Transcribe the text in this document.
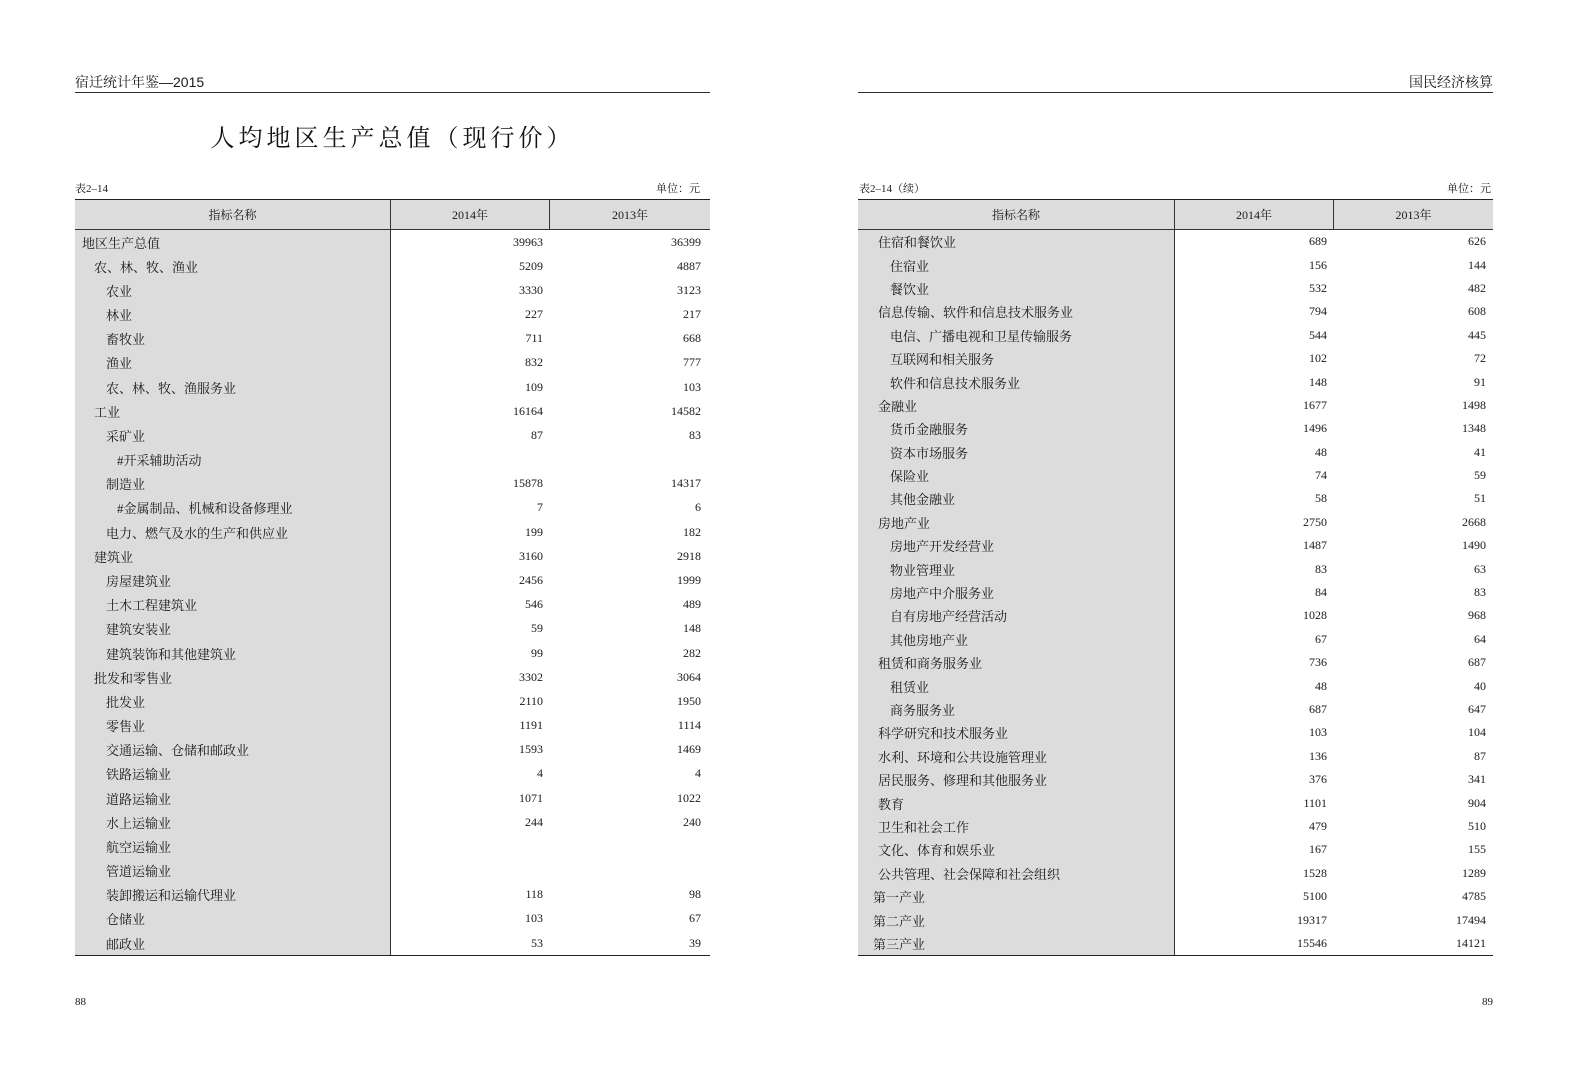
宿迁统计年鉴—2015
人均地区生产总值（现行价）
表2–14	单位：元
指标名称	2014年	2013年
地区生产总值	39963	36399
农、林、牧、渔业	5209	4887
农业	3330	3123
林业	227	217
畜牧业	711	668
渔业	832	777
农、林、牧、渔服务业	109	103
工业	16164	14582
采矿业	87	83
#开采辅助活动
制造业	15878	14317
#金属制品、机械和设备修理业	7	6
电力、燃气及水的生产和供应业	199	182
建筑业	3160	2918
房屋建筑业	2456	1999
土木工程建筑业	546	489
建筑安装业	59	148
建筑装饰和其他建筑业	99	282
批发和零售业	3302	3064
批发业	2110	1950
零售业	1191	1114
交通运输、仓储和邮政业	1593	1469
铁路运输业	4	4
道路运输业	1071	1022
水上运输业	244	240
航空运输业
管道运输业
装卸搬运和运输代理业	118	98
仓储业	103	67
邮政业	53	39
88
国民经济核算
表2–14（续）	单位：元
指标名称	2014年	2013年
住宿和餐饮业	689	626
住宿业	156	144
餐饮业	532	482
信息传输、软件和信息技术服务业	794	608
电信、广播电视和卫星传输服务	544	445
互联网和相关服务	102	72
软件和信息技术服务业	148	91
金融业	1677	1498
货币金融服务	1496	1348
资本市场服务	48	41
保险业	74	59
其他金融业	58	51
房地产业	2750	2668
房地产开发经营业	1487	1490
物业管理业	83	63
房地产中介服务业	84	83
自有房地产经营活动	1028	968
其他房地产业	67	64
租赁和商务服务业	736	687
租赁业	48	40
商务服务业	687	647
科学研究和技术服务业	103	104
水利、环境和公共设施管理业	136	87
居民服务、修理和其他服务业	376	341
教育	1101	904
卫生和社会工作	479	510
文化、体育和娱乐业	167	155
公共管理、社会保障和社会组织	1528	1289
第一产业	5100	4785
第二产业	19317	17494
第三产业	15546	14121
89
